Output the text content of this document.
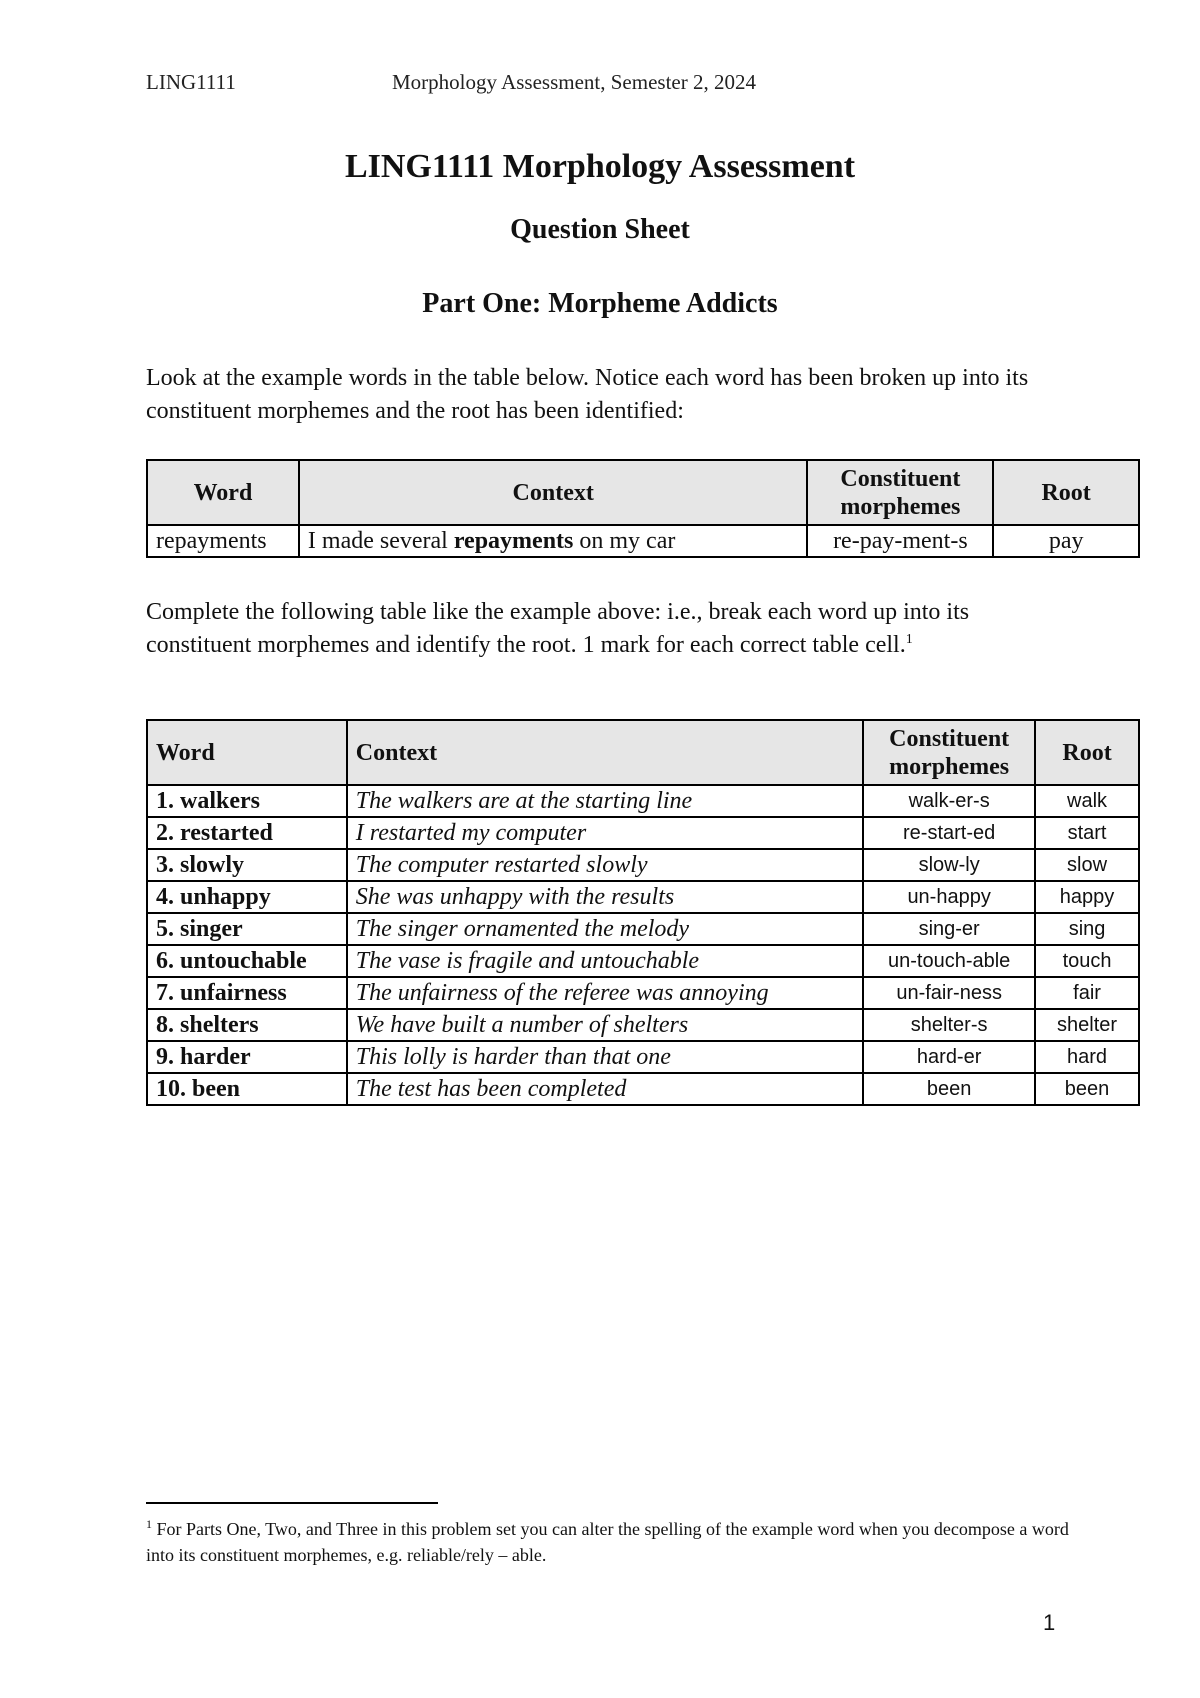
LING1111	Morphology Assessment, Semester 2, 2024
LING1111 Morphology Assessment
Question Sheet
Part One: Morpheme Addicts
Look at the example words in the table below. Notice each word has been broken up into its constituent morphemes and the root has been identified:
Word	Context	Constituent morphemes	Root
repayments	I made several repayments on my car	re-pay-ment-s	pay
Complete the following table like the example above: i.e., break each word up into its constituent morphemes and identify the root. 1 mark for each correct table cell.$^1$
Word	Context	Constituent morphemes	Root
1. walkers	The walkers are at the starting line	walk-er-s	walk
2. restarted	I restarted my computer	re-start-ed	start
3. slowly	The computer restarted slowly	slow-ly	slow
4. unhappy	She was unhappy with the results	un-happy	happy
5. singer	The singer ornamented the melody	sing-er	sing
6. untouchable	The vase is fragile and untouchable	un-touch-able	touch
7. unfairness	The unfairness of the referee was annoying	un-fair-ness	fair
8. shelters	We have built a number of shelters	shelter-s	shelter
9. harder	This lolly is harder than that one	hard-er	hard
10. been	The test has been completed	been	been
$^1$ For Parts One, Two, and Three in this problem set you can alter the spelling of the example word when you decompose a word into its constituent morphemes, e.g. reliable/rely – able.
1
